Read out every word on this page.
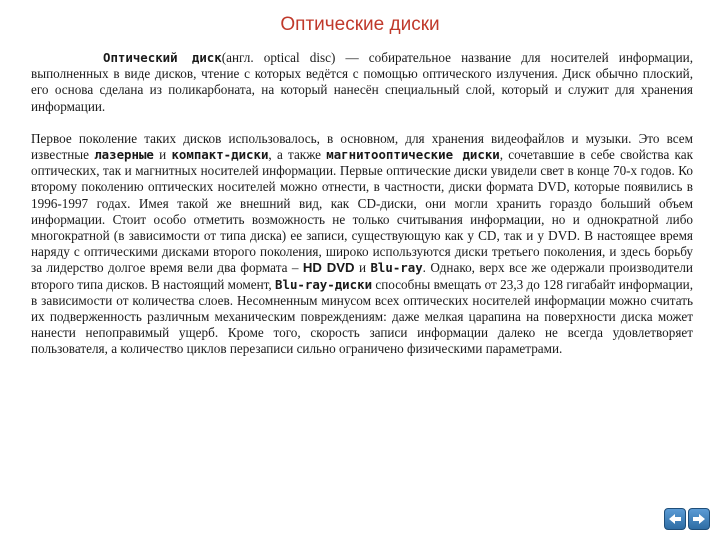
Оптические диски

Оптический диск(англ. optical disc) — собирательное название для носителей информации, выполненных в виде дисков, чтение с которых ведётся с помощью оптического излучения. Диск обычно плоский, его основа сделана из поликарбоната, на который нанесён специальный слой, который и служит для хранения информации.

Первое поколение таких дисков использовалось, в основном, для хранения видеофайлов и музыки. Это всем известные лазерные и компакт-диски, а также магнитооптические диски, сочетавшие в себе свойства как оптических, так и магнитных носителей информации. Первые оптические диски увидели свет в конце 70-х годов. Ко второму поколению оптических носителей можно отнести, в частности, диски формата DVD, которые появились в 1996-1997 годах. Имея такой же внешний вид, как CD-диски, они могли хранить гораздо больший объем информации. Стоит особо отметить возможность не только считывания информации, но и однократной либо многократной (в зависимости от типа диска) ее записи, существующую как у CD, так и у DVD. В настоящее время наряду с оптическими дисками второго поколения, широко используются диски третьего поколения, и здесь борьбу за лидерство долгое время вели два формата – HD DVD и Blu-ray. Однако, верх все же одержали производители второго типа дисков. В настоящий момент, Blu-ray-диски способны вмещать от 23,3 до 128 гигабайт информации, в зависимости от количества слоев. Несомненным минусом всех оптических носителей информации можно считать их подверженность различным механическим повреждениям: даже мелкая царапина на поверхности диска может нанести непоправимый ущерб. Кроме того, скорость записи информации далеко не всегда удовлетворяет пользователя, а количество циклов перезаписи сильно ограничено физическими параметрами.
